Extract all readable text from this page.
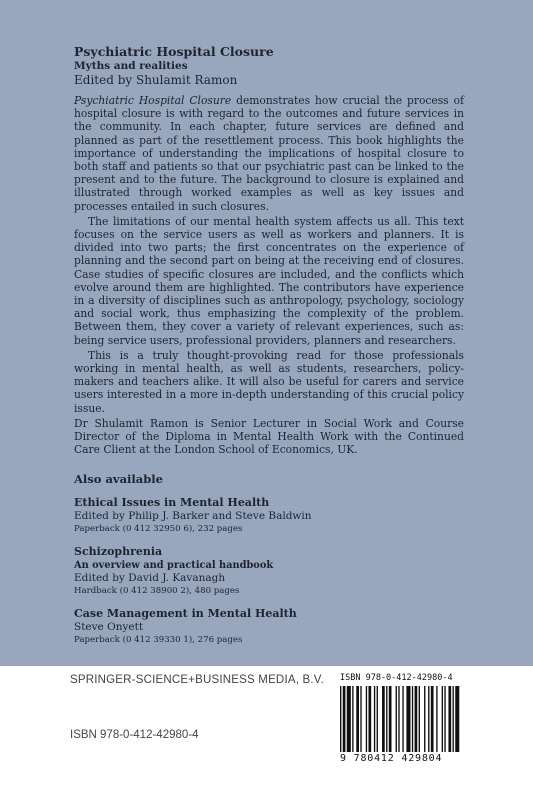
Psychiatric Hospital Closure
Myths and realities
Edited by Shulamit Ramon

Psychiatric Hospital Closure demonstrates how crucial the process of hospital closure is with regard to the outcomes and future services in the community. In each chapter, future services are defined and planned as part of the resettlement process. This book highlights the importance of understanding the implications of hospital closure to both staff and patients so that our psychiatric past can be linked to the present and to the future. The background to closure is explained and illustrated through worked examples as well as key issues and processes entailed in such closures.

The limitations of our mental health system affects us all. This text focuses on the service users as well as workers and planners. It is divided into two parts; the first concentrates on the experience of planning and the second part on being at the receiving end of closures. Case studies of specific closures are included, and the conflicts which evolve around them are highlighted. The contributors have experience in a diversity of disciplines such as anthropology, psychology, sociology and social work, thus emphasizing the complexity of the problem. Between them, they cover a variety of relevant experiences, such as: being service users, professional providers, planners and researchers.

This is a truly thought-provoking read for those professionals working in mental health, as well as students, researchers, policy-makers and teachers alike. It will also be useful for carers and service users interested in a more in-depth understanding of this crucial policy issue.

Dr Shulamit Ramon is Senior Lecturer in Social Work and Course Director of the Diploma in Mental Health Work with the Continued Care Client at the London School of Economics, UK.

Also available
Ethical Issues in Mental Health
Edited by Philip J. Barker and Steve Baldwin
Paperback (0 412 32950 6), 232 pages
Schizophrenia
An overview and practical handbook
Edited by David J. Kavanagh
Hardback (0 412 38900 2), 480 pages
Case Management in Mental Health
Steve Onyett
Paperback (0 412 39330 1), 276 pages
SPRINGER-SCIENCE+BUSINESS MEDIA, B.V.
ISBN 978-0-412-42980-4
ISBN 978-0-412-42980-4
9 780412 429804
